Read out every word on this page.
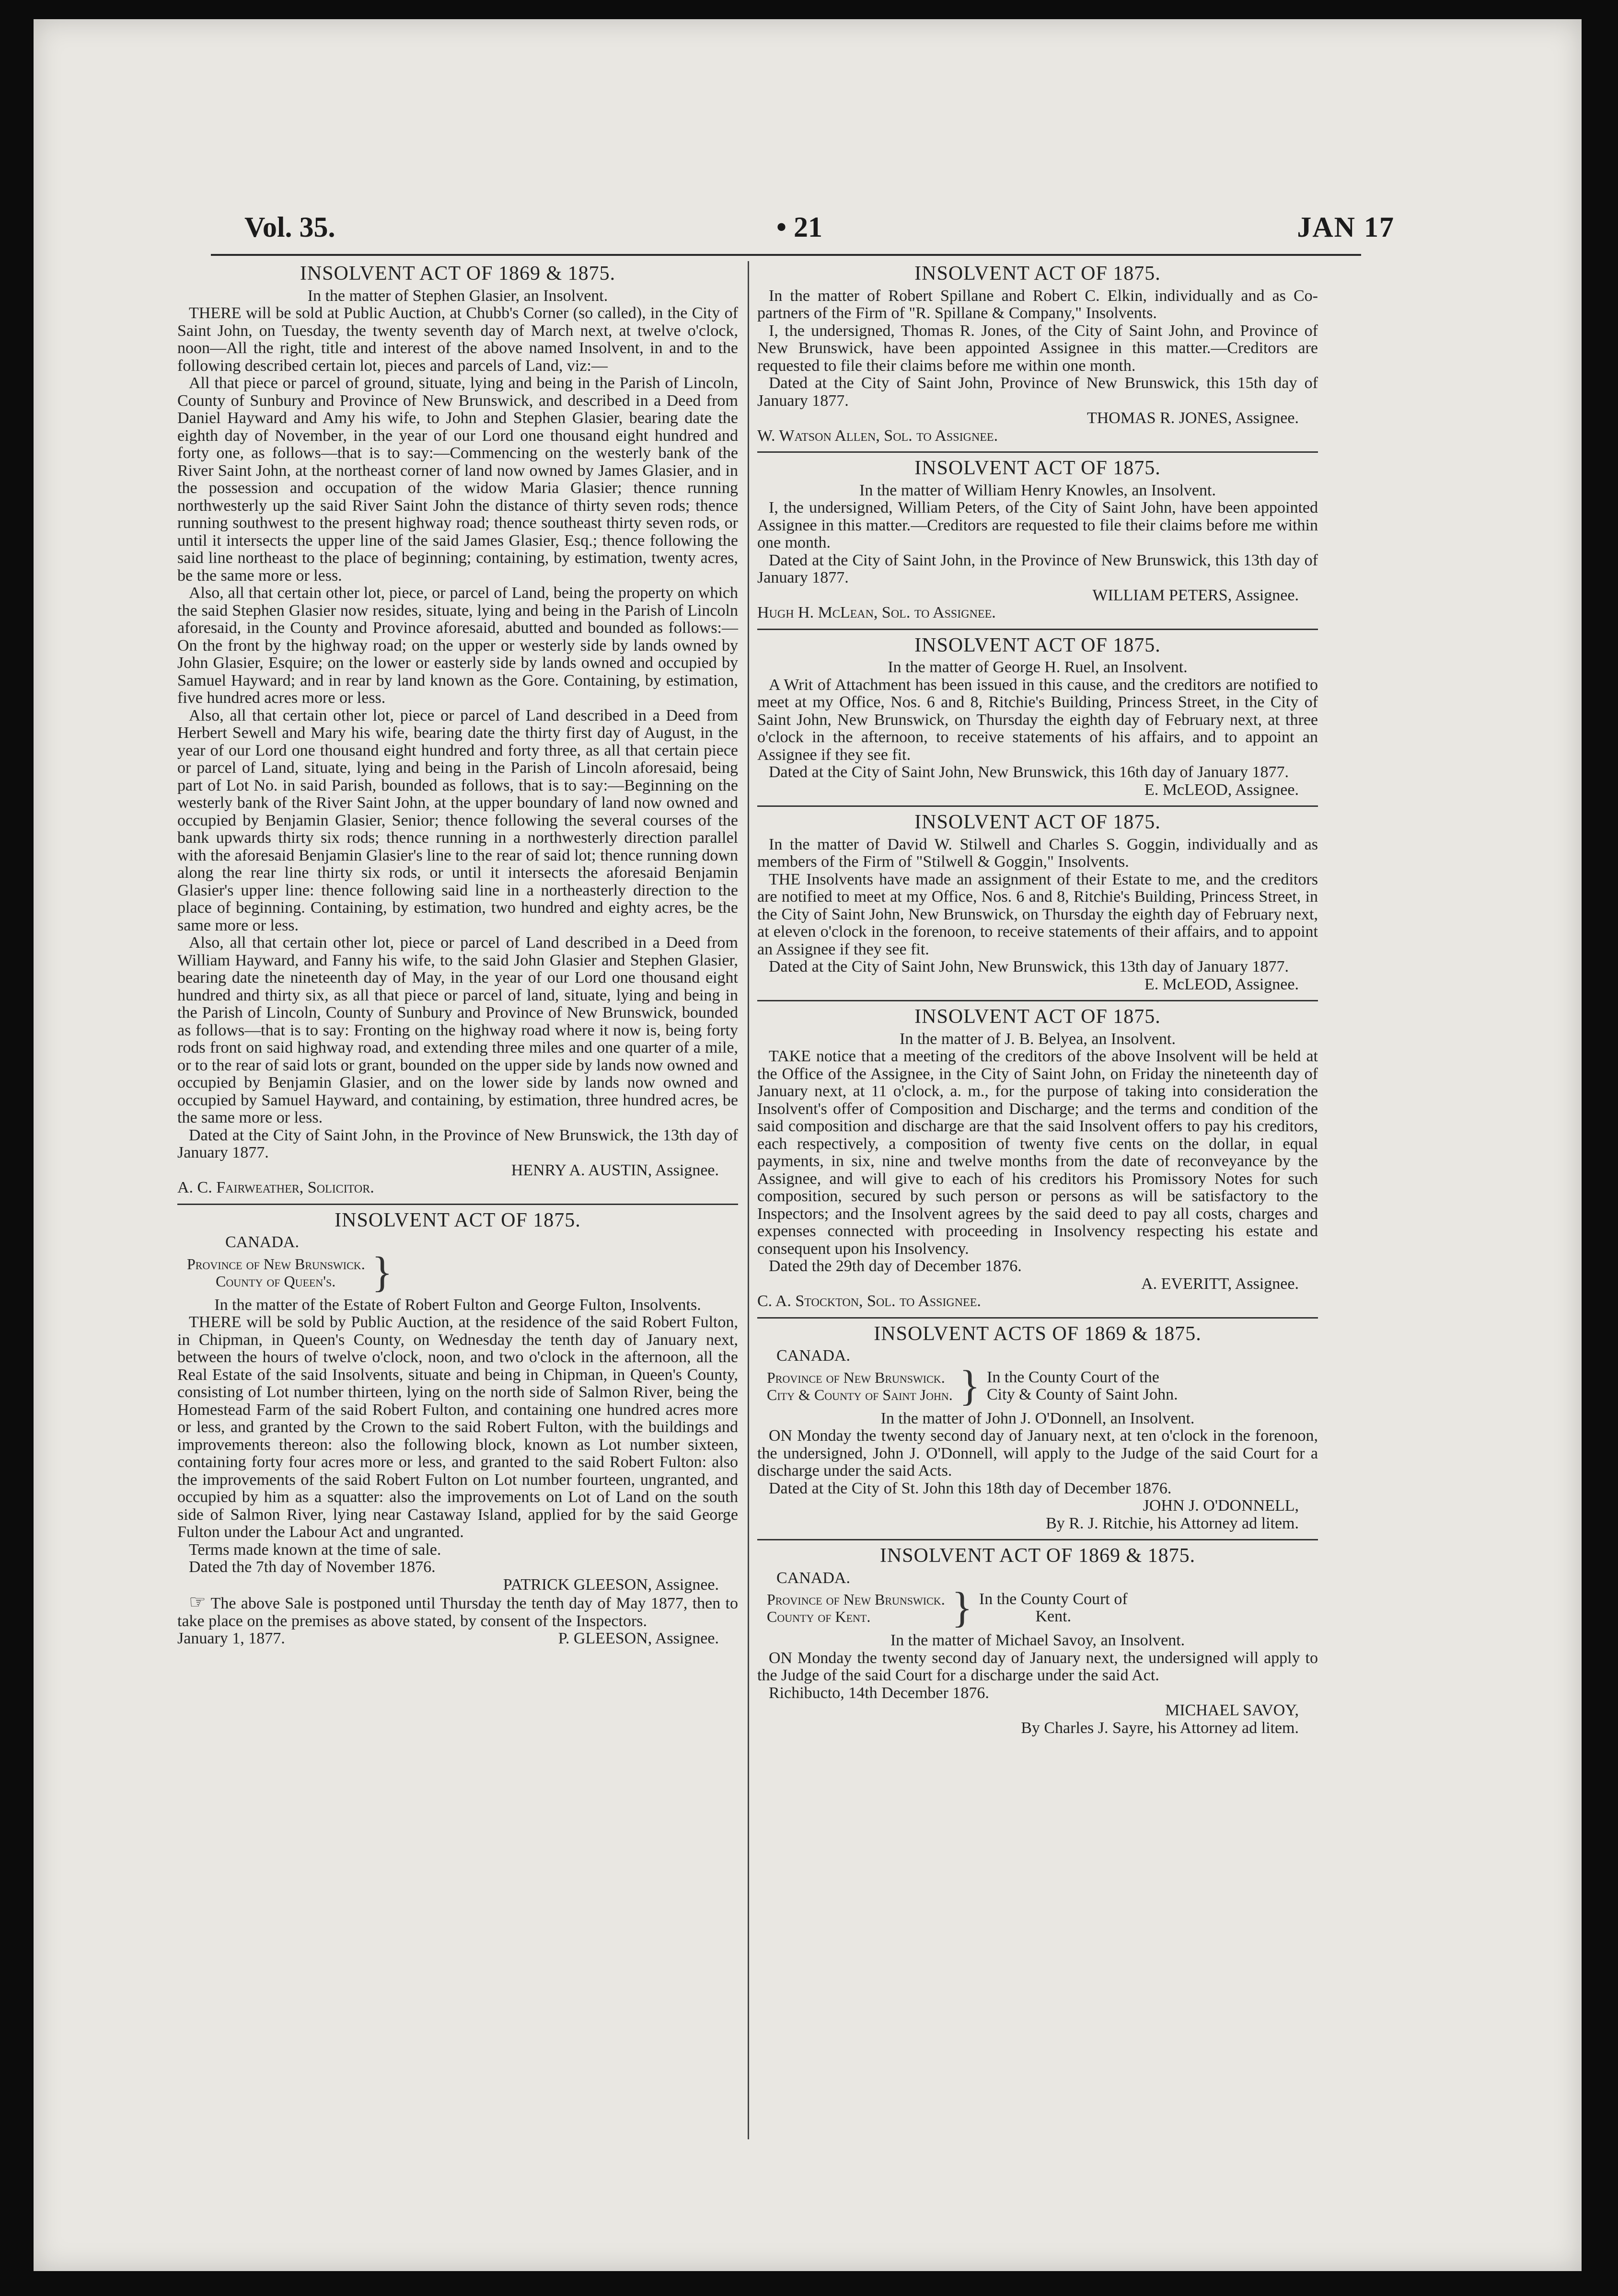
Vol. 35.	• 21	JAN 17
INSOLVENT ACT OF 1869 & 1875.
In the matter of Stephen Glasier, an Insolvent.

THERE will be sold at Public Auction, at Chubb's Corner (so called), in the City of Saint John, on Tuesday, the twenty seventh day of March next, at twelve o'clock, noon—All the right, title and interest of the above named Insolvent, in and to the following described certain lot, pieces and parcels of Land, viz:—

All that piece or parcel of ground, situate, lying and being in the Parish of Lincoln, County of Sunbury and Province of New Brunswick, and described in a Deed from Daniel Hayward and Amy his wife, to John and Stephen Glasier, bearing date the eighth day of November, in the year of our Lord one thousand eight hundred and forty one, as follows—that is to say:—Commencing on the westerly bank of the River Saint John, at the northeast corner of land now owned by James Glasier, and in the possession and occupation of the widow Maria Glasier; thence running northwesterly up the said River Saint John the distance of thirty seven rods; thence running southwest to the present highway road; thence southeast thirty seven rods, or until it intersects the upper line of the said James Glasier, Esq.; thence following the said line northeast to the place of beginning; containing, by estimation, twenty acres, be the same more or less.

Also, all that certain other lot, piece, or parcel of Land, being the property on which the said Stephen Glasier now resides, situate, lying and being in the Parish of Lincoln aforesaid, in the County and Province aforesaid, abutted and bounded as follows:—On the front by the highway road; on the upper or westerly side by lands owned by John Glasier, Esquire; on the lower or easterly side by lands owned and occupied by Samuel Hayward; and in rear by land known as the Gore. Containing, by estimation, five hundred acres more or less.

Also, all that certain other lot, piece or parcel of Land described in a Deed from Herbert Sewell and Mary his wife, bearing date the thirty first day of August, in the year of our Lord one thousand eight hundred and forty three, as all that certain piece or parcel of Land, situate, lying and being in the Parish of Lincoln aforesaid, being part of Lot No. in said Parish, bounded as follows, that is to say:—Beginning on the westerly bank of the River Saint John, at the upper boundary of land now owned and occupied by Benjamin Glasier, Senior; thence following the several courses of the bank upwards thirty six rods; thence running in a northwesterly direction parallel with the aforesaid Benjamin Glasier's line to the rear of said lot; thence running down along the rear line thirty six rods, or until it intersects the aforesaid Benjamin Glasier's upper line: thence following said line in a northeasterly direction to the place of beginning. Containing, by estimation, two hundred and eighty acres, be the same more or less.

Also, all that certain other lot, piece or parcel of Land described in a Deed from William Hayward, and Fanny his wife, to the said John Glasier and Stephen Glasier, bearing date the nineteenth day of May, in the year of our Lord one thousand eight hundred and thirty six, as all that piece or parcel of land, situate, lying and being in the Parish of Lincoln, County of Sunbury and Province of New Brunswick, bounded as follows—that is to say: Fronting on the highway road where it now is, being forty rods front on said highway road, and extending three miles and one quarter of a mile, or to the rear of said lots or grant, bounded on the upper side by lands now owned and occupied by Benjamin Glasier, and on the lower side by lands now owned and occupied by Samuel Hayward, and containing, by estimation, three hundred acres, be the same more or less.

Dated at the City of Saint John, in the Province of New Brunswick, the 13th day of January 1877.

HENRY A. AUSTIN, Assignee.

A. C. Fairweather, Solicitor.

INSOLVENT ACT OF 1875.
CANADA.
Province of New Brunswick.
County of Queen's. }
In the matter of the Estate of Robert Fulton and George Fulton, Insolvents.

THERE will be sold by Public Auction, at the residence of the said Robert Fulton, in Chipman, in Queen's County, on Wednesday the tenth day of January next, between the hours of twelve o'clock, noon, and two o'clock in the afternoon, all the Real Estate of the said Insolvents, situate and being in Chipman, in Queen's County, consisting of Lot number thirteen, lying on the north side of Salmon River, being the Homestead Farm of the said Robert Fulton, and containing one hundred acres more or less, and granted by the Crown to the said Robert Fulton, with the buildings and improvements thereon: also the following block, known as Lot number sixteen, containing forty four acres more or less, and granted to the said Robert Fulton: also the improvements of the said Robert Fulton on Lot number fourteen, ungranted, and occupied by him as a squatter: also the improvements on Lot of Land on the south side of Salmon River, lying near Castaway Island, applied for by the said George Fulton under the Labour Act and ungranted.

Terms made known at the time of sale.

Dated the 7th day of November 1876.

PATRICK GLEESON, Assignee.

☞ The above Sale is postponed until Thursday the tenth day of May 1877, then to take place on the premises as above stated, by consent of the Inspectors.

January 1, 1877.	P. GLEESON, Assignee.
INSOLVENT ACT OF 1875.

In the matter of Robert Spillane and Robert C. Elkin, individually and as Co-partners of the Firm of "R. Spillane & Company," Insolvents.

I, the undersigned, Thomas R. Jones, of the City of Saint John, and Province of New Brunswick, have been appointed Assignee in this matter.—Creditors are requested to file their claims before me within one month.

Dated at the City of Saint John, Province of New Brunswick, this 15th day of January 1877.

THOMAS R. JONES, Assignee.

W. Watson Allen, Sol. to Assignee.

INSOLVENT ACT OF 1875.
In the matter of William Henry Knowles, an Insolvent.

I, the undersigned, William Peters, of the City of Saint John, have been appointed Assignee in this matter.—Creditors are requested to file their claims before me within one month.

Dated at the City of Saint John, in the Province of New Brunswick, this 13th day of January 1877.

WILLIAM PETERS, Assignee.

Hugh H. McLean, Sol. to Assignee.

INSOLVENT ACT OF 1875.
In the matter of George H. Ruel, an Insolvent.

A Writ of Attachment has been issued in this cause, and the creditors are notified to meet at my Office, Nos. 6 and 8, Ritchie's Building, Princess Street, in the City of Saint John, New Brunswick, on Thursday the eighth day of February next, at three o'clock in the afternoon, to receive statements of his affairs, and to appoint an Assignee if they see fit.

Dated at the City of Saint John, New Brunswick, this 16th day of January 1877.

E. McLEOD, Assignee.

INSOLVENT ACT OF 1875.

In the matter of David W. Stilwell and Charles S. Goggin, individually and as members of the Firm of "Stilwell & Goggin," Insolvents.

THE Insolvents have made an assignment of their Estate to me, and the creditors are notified to meet at my Office, Nos. 6 and 8, Ritchie's Building, Princess Street, in the City of Saint John, New Brunswick, on Thursday the eighth day of February next, at eleven o'clock in the forenoon, to receive statements of their affairs, and to appoint an Assignee if they see fit.

Dated at the City of Saint John, New Brunswick, this 13th day of January 1877.

E. McLEOD, Assignee.

INSOLVENT ACT OF 1875.
In the matter of J. B. Belyea, an Insolvent.

TAKE notice that a meeting of the creditors of the above Insolvent will be held at the Office of the Assignee, in the City of Saint John, on Friday the nineteenth day of January next, at 11 o'clock, a. m., for the purpose of taking into consideration the Insolvent's offer of Composition and Discharge; and the terms and condition of the said composition and discharge are that the said Insolvent offers to pay his creditors, each respectively, a composition of twenty five cents on the dollar, in equal payments, in six, nine and twelve months from the date of reconveyance by the Assignee, and will give to each of his creditors his Promissory Notes for such composition, secured by such person or persons as will be satisfactory to the Inspectors; and the Insolvent agrees by the said deed to pay all costs, charges and expenses connected with proceeding in Insolvency respecting his estate and consequent upon his Insolvency.

Dated the 29th day of December 1876.

A. EVERITT, Assignee.

C. A. Stockton, Sol. to Assignee.

INSOLVENT ACTS OF 1869 & 1875.
CANADA.
Province of New Brunswick.
City & County of Saint John. } In the County Court of the
City & County of Saint John.
In the matter of John J. O'Donnell, an Insolvent.

ON Monday the twenty second day of January next, at ten o'clock in the forenoon, the undersigned, John J. O'Donnell, will apply to the Judge of the said Court for a discharge under the said Acts.

Dated at the City of St. John this 18th day of December 1876.

JOHN J. O'DONNELL,

By R. J. Ritchie, his Attorney ad litem.

INSOLVENT ACT OF 1869 & 1875.
CANADA.
Province of New Brunswick.
County of Kent.	} In the County Court of
Kent.
In the matter of Michael Savoy, an Insolvent.

ON Monday the twenty second day of January next, the undersigned will apply to the Judge of the said Court for a discharge under the said Act.

Richibucto, 14th December 1876.

MICHAEL SAVOY,

By Charles J. Sayre, his Attorney ad litem.
